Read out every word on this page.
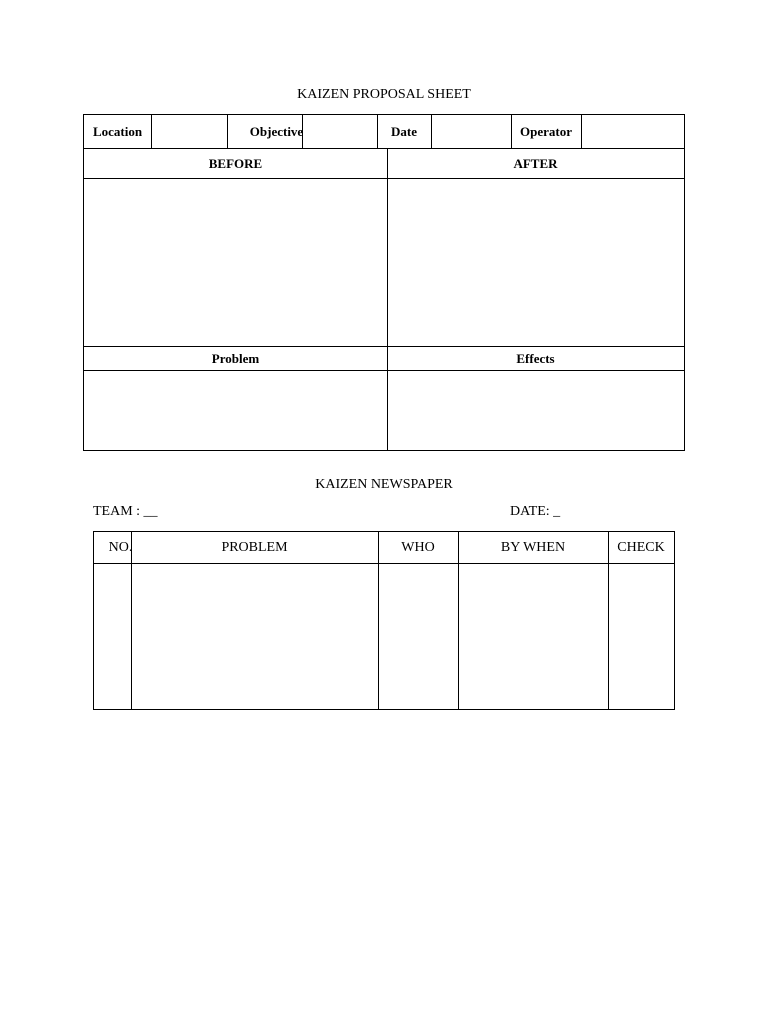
KAIZEN PROPOSAL SHEET
Location	Objective	Date	Operator
BEFORE	AFTER
Problem	Effects
KAIZEN NEWSPAPER
TEAM : __	DATE: _
NO.	PROBLEM	WHO	BY WHEN	CHECK
